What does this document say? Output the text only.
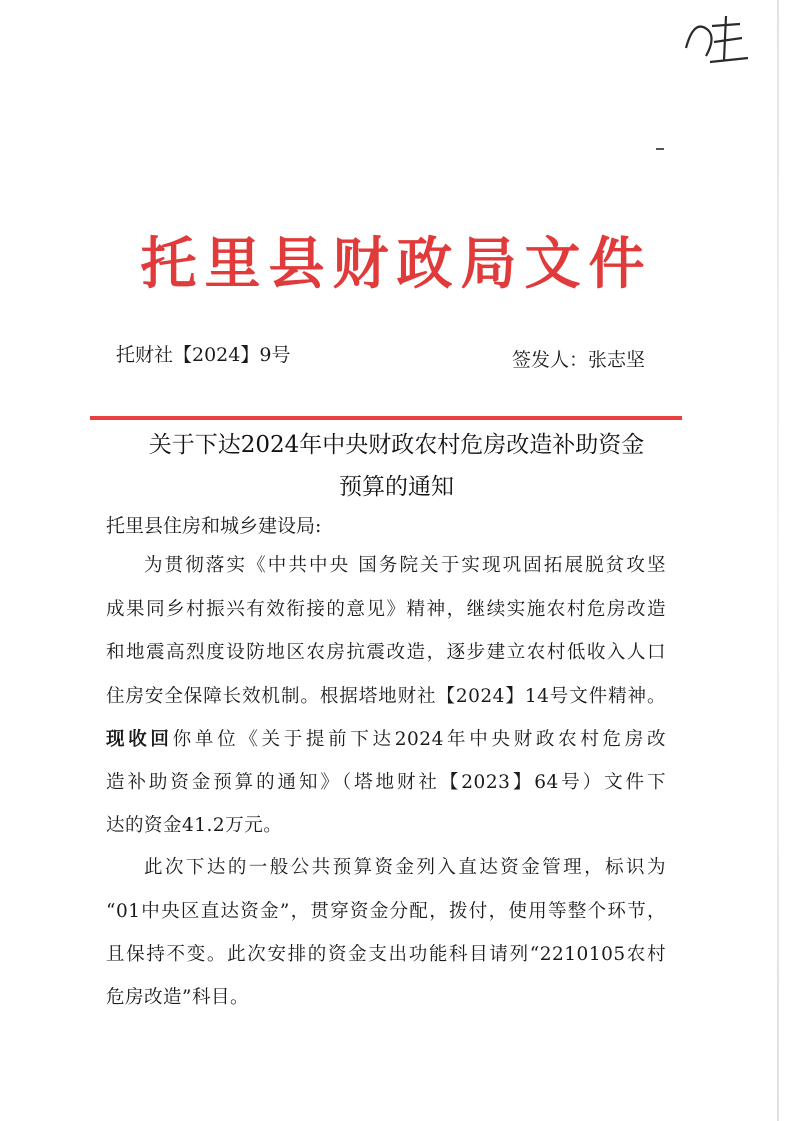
托里县财政局文件
托财社【2024】9号	签发人：张志坚
关于下达2024年中央财政农村危房改造补助资金
预算的通知
托里县住房和城乡建设局:
为贯彻落实《中共中央 国务院关于实现巩固拓展脱贫攻坚
成果同乡村振兴有效衔接的意见》精神，继续实施农村危房改造
和地震高烈度设防地区农房抗震改造，逐步建立农村低收入人口
住房安全保障长效机制。根据塔地财社【2024】14号文件精神。
现收回你单位《关于提前下达2024年中央财政农村危房改
造补助资金预算的通知》（塔地财社【2023】64号）文件下
达的资金41.2万元。
此次下达的一般公共预算资金列入直达资金管理，标识为
“01中央区直达资金”，贯穿资金分配，拨付，使用等整个环节，
且保持不变。此次安排的资金支出功能科目请列“2210105农村
危房改造”科目。
